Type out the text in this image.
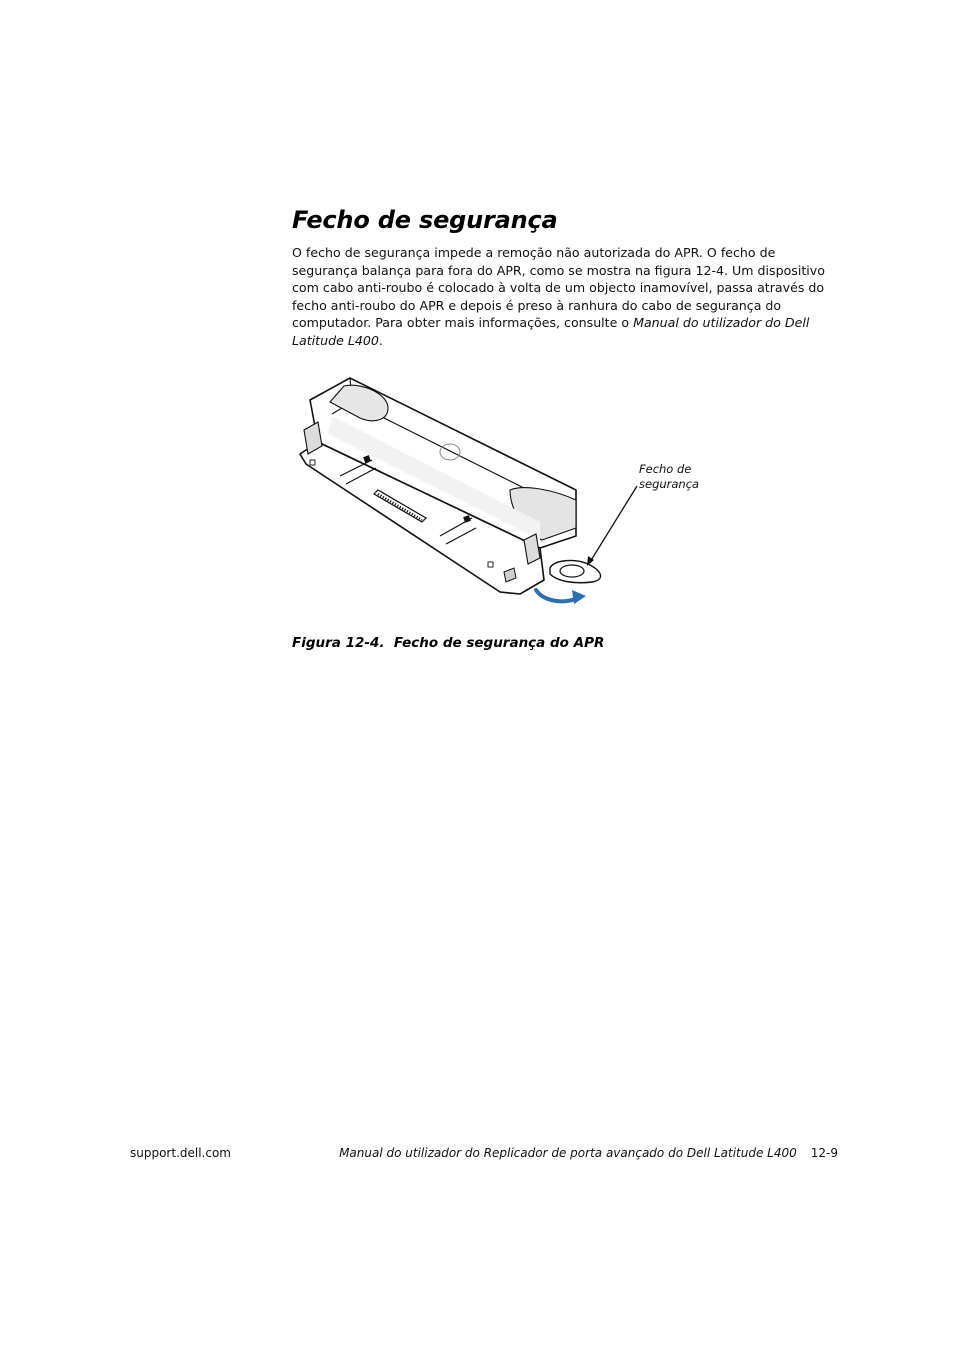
Fecho de segurança

O fecho de segurança impede a remoção não autorizada do APR. O fecho de segurança balança para fora do APR, como se mostra na figura 12-4. Um dispositivo com cabo anti-roubo é colocado à volta de um objecto inamovível, passa através do fecho anti-roubo do APR e depois é preso à ranhura do cabo de segurança do computador. Para obter mais informações, consulte o Manual do utilizador do Dell Latitude L400.

Fecho de
segurança

Figura 12-4.  Fecho de segurança do APR

support.dell.com	Manual do utilizador do Replicador de porta avançado do Dell Latitude L400 12-9
